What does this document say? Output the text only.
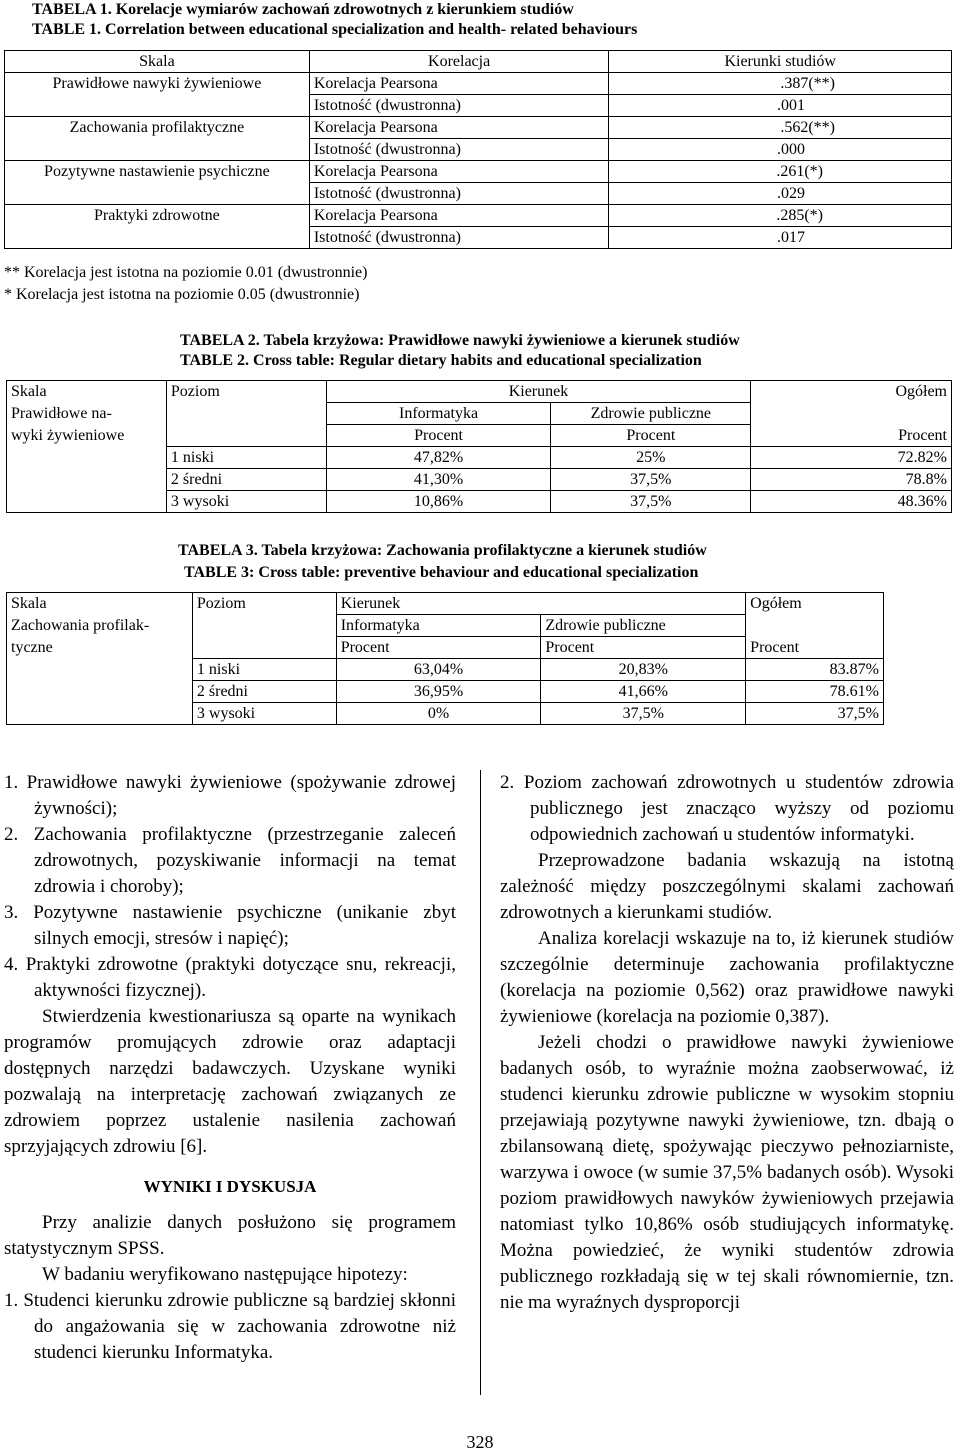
TABELA 1. Korelacje wymiarów zachowań zdrowotnych z kierunkiem studiów
TABLE 1. Correlation between educational specialization and health- related behaviours
Skala	Korelacja	Kierunki studiów
Prawidłowe nawyki żywieniowe	Korelacja Pearsona	.387(**)
	Istotność (dwustronna)	.001
Zachowania profilaktyczne	Korelacja Pearsona	.562(**)
	Istotność (dwustronna)	.000
Pozytywne nastawienie psychiczne	Korelacja Pearsona	.261(*)
	Istotność (dwustronna)	.029
Praktyki zdrowotne	Korelacja Pearsona	.285(*)
	Istotność (dwustronna)	.017
** Korelacja jest istotna na poziomie 0.01 (dwustronnie)
* Korelacja jest istotna na poziomie 0.05 (dwustronnie)
TABELA 2. Tabela krzyżowa: Prawidłowe nawyki żywieniowe a kierunek studiów
TABLE 2. Cross table: Regular dietary habits and educational specialization
Skala	Poziom	Kierunek		Ogółem
Prawidłowe na-		Informatyka	Zdrowie publiczne	
wyki żywieniowe		Procent	Procent	Procent
	1 niski	47,82%	25%	72.82%
	2 średni	41,30%	37,5%	78.8%
	3 wysoki	10,86%	37,5%	48.36%
TABELA 3. Tabela krzyżowa: Zachowania profilaktyczne a kierunek studiów
TABLE 3: Cross table: preventive behaviour and educational specialization
Skala	Poziom	Kierunek		Ogółem
Zachowania profilak-		Informatyka	Zdrowie publiczne	
tyczne		Procent	Procent	Procent
	1 niski	63,04%	20,83%	83.87%
	2 średni	36,95%	41,66%	78.61%
	3 wysoki	0%	37,5%	37,5%

1. Prawidłowe nawyki żywieniowe (spożywanie zdrowej żywności);

2. Zachowania profilaktyczne (przestrzeganie zaleceń zdrowotnych, pozyskiwanie informacji na temat zdrowia i choroby);

3. Pozytywne nastawienie psychiczne (unikanie zbyt silnych emocji, stresów i napięć);

4. Praktyki zdrowotne (praktyki dotyczące snu, rekreacji, aktywności fizycznej).

Stwierdzenia kwestionariusza są oparte na wynikach programów promujących zdrowie oraz adaptacji dostępnych narzędzi badawczych. Uzyskane wyniki pozwalają na interpretację zachowań związanych ze zdrowiem poprzez ustalenie nasilenia zachowań sprzyjających zdrowiu [6].

WYNIKI I DYSKUSJA

Przy analizie danych posłużono się programem statystycznym SPSS.

W badaniu weryfikowano następujące hipotezy:

1. Studenci kierunku zdrowie publiczne są bardziej skłonni do angażowania się w zachowania zdrowotne niż studenci kierunku Informatyka.

2. Poziom zachowań zdrowotnych u studentów zdrowia publicznego jest znacząco wyższy od poziomu odpowiednich zachowań u studentów informatyki.

Przeprowadzone badania wskazują na istotną zależność między poszczególnymi skalami zachowań zdrowotnych a kierunkami studiów.

Analiza korelacji wskazuje na to, iż kierunek studiów szczególnie determinuje zachowania profilaktyczne (korelacja na poziomie 0,562) oraz prawidłowe nawyki żywieniowe (korelacja na poziomie 0,387).

Jeżeli chodzi o prawidłowe nawyki żywieniowe badanych osób, to wyraźnie można zaobserwować, iż studenci kierunku zdrowie publiczne w wysokim stopniu przejawiają pozytywne nawyki żywieniowe, tzn. dbają o zbilansowaną dietę, spożywając pieczywo pełnoziarniste, warzywa i owoce (w sumie 37,5% badanych osób). Wysoki poziom prawidłowych nawyków żywieniowych przejawia natomiast tylko 10,86% osób studiujących informatykę. Można powiedzieć, że wyniki studentów zdrowia publicznego rozkładają się w tej skali równomiernie, tzn. nie ma wyraźnych dysproporcji

328
